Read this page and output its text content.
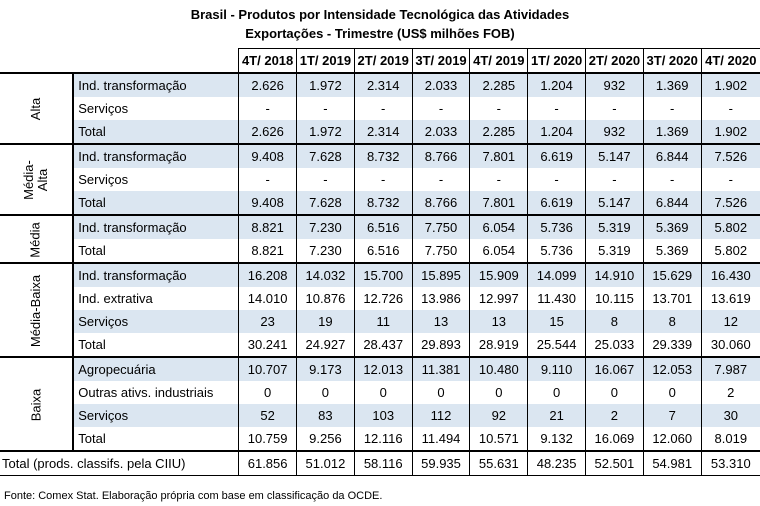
Brasil - Produtos por Intensidade Tecnológica das Atividades
Exportações - Trimestre (US$ milhões FOB)
		4T/ 2018	1T/ 2019	2T/ 2019	3T/ 2019	4T/ 2019	1T/ 2020	2T/ 2020	3T/ 2020	4T/ 2020
Alta	Ind. transformação	2.626	1.972	2.314	2.033	2.285	1.204	932	1.369	1.902
	Serviços	-	-	-	-	-	-	-	-	-
	Total	2.626	1.972	2.314	2.033	2.285	1.204	932	1.369	1.902
Média-
Alta	Ind. transformação	9.408	7.628	8.732	8.766	7.801	6.619	5.147	6.844	7.526
	Serviços	-	-	-	-	-	-	-	-	-
	Total	9.408	7.628	8.732	8.766	7.801	6.619	5.147	6.844	7.526
Média	Ind. transformação	8.821	7.230	6.516	7.750	6.054	5.736	5.319	5.369	5.802
	Total	8.821	7.230	6.516	7.750	6.054	5.736	5.319	5.369	5.802
Média-Baixa	Ind. transformação	16.208	14.032	15.700	15.895	15.909	14.099	14.910	15.629	16.430
	Ind. extrativa	14.010	10.876	12.726	13.986	12.997	11.430	10.115	13.701	13.619
	Serviços	23	19	11	13	13	15	8	8	12
	Total	30.241	24.927	28.437	29.893	28.919	25.544	25.033	29.339	30.060
Baixa	Agropecuária	10.707	9.173	12.013	11.381	10.480	9.110	16.067	12.053	7.987
	Outras ativs. industriais	0	0	0	0	0	0	0	0	2
	Serviços	52	83	103	112	92	21	2	7	30
	Total	10.759	9.256	12.116	11.494	10.571	9.132	16.069	12.060	8.019
Total (prods. classifs. pela CIIU)		61.856	51.012	58.116	59.935	55.631	48.235	52.501	54.981	53.310
Fonte: Comex Stat. Elaboração própria com base em classificação da OCDE.
